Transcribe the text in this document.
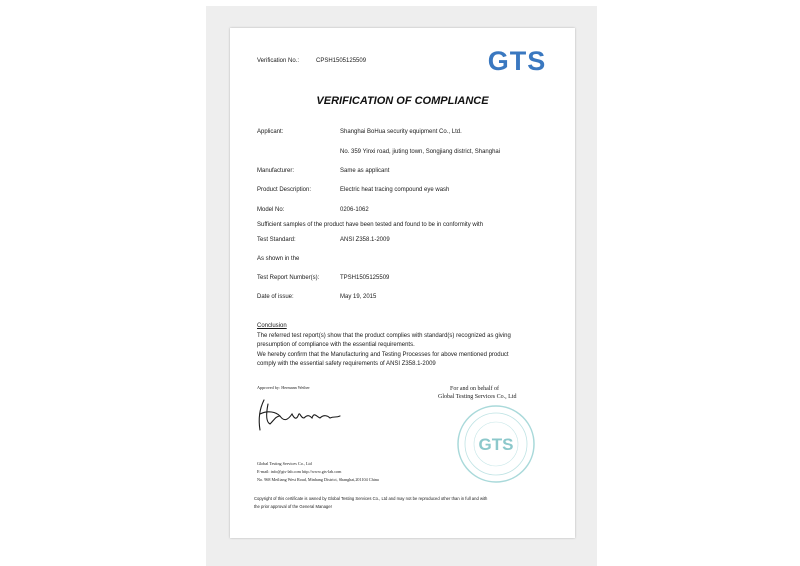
Verification No.:	CPSH1505125509	GTS
VERIFICATION OF COMPLIANCE
Applicant:	Shanghai BoHua security equipment Co., Ltd.
No. 359 Yinxi road, jiuting town, Songjiang district, Shanghai
Manufacturer:	Same as applicant
Product Description:	Electric heat tracing compound eye wash
Model No:	0206-1062
Sufficient samples of the product have been tested and found to be in conformity with
Test Standard:	ANSI Z358.1-2009
As shown in the
Test Report Number(s):	TPSH1505125509
Date of issue:	May 19, 2015
Conclusion
The referred test report(s) show that the product complies with standard(s) recognized as giving
presumption of compliance with the essential requirements.
We hereby confirm that the Manufacturing and Testing Processes for above mentioned product
comply with the essential safety requirements of ANSI Z358.1-2009
Approved by: Hermann Weiher	For and on behalf of
Global Testing Services Co., Ltd
GTS
Global Testing Services Co., Ltd
E-mail: info@gts-lab.com http://www.gts-lab.com
No. 968 Meiliang West Road, Minhang District, Shanghai,201104 China
Copyright of this certificate is owned by Global Testing Services Co., Ltd and may not be reproduced other than in full and with
the prior approval of the General Manager
